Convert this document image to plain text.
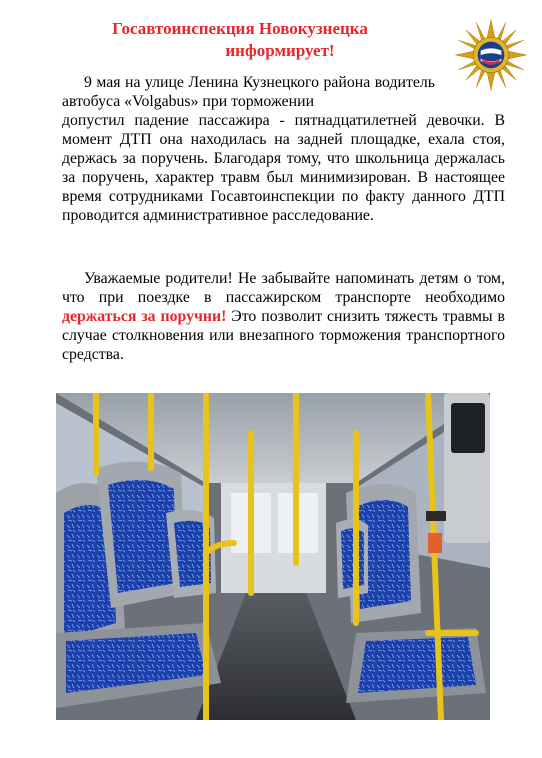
Госавтоинспекция Новокузнецка
информирует!
9 мая на улице Ленина Кузнецкого района водитель автобуса «Volgabus» при торможении
допустил падение пассажира - пятнадцатилетней девочки. В момент ДТП она находилась на задней площадке, ехала стоя, держась за поручень. Благодаря тому, что школьница держалась за поручень, характер травм был минимизирован. В настоящее время сотрудниками Госавтоинспекции по факту данного ДТП проводится административное расследование.
Уважаемые родители! Не забывайте напоминать детям о том, что при поездке в пассажирском транспорте необходимо держаться за поручни! Это позволит снизить тяжесть травмы в случае столкновения или внезапного торможения транспортного средства.
